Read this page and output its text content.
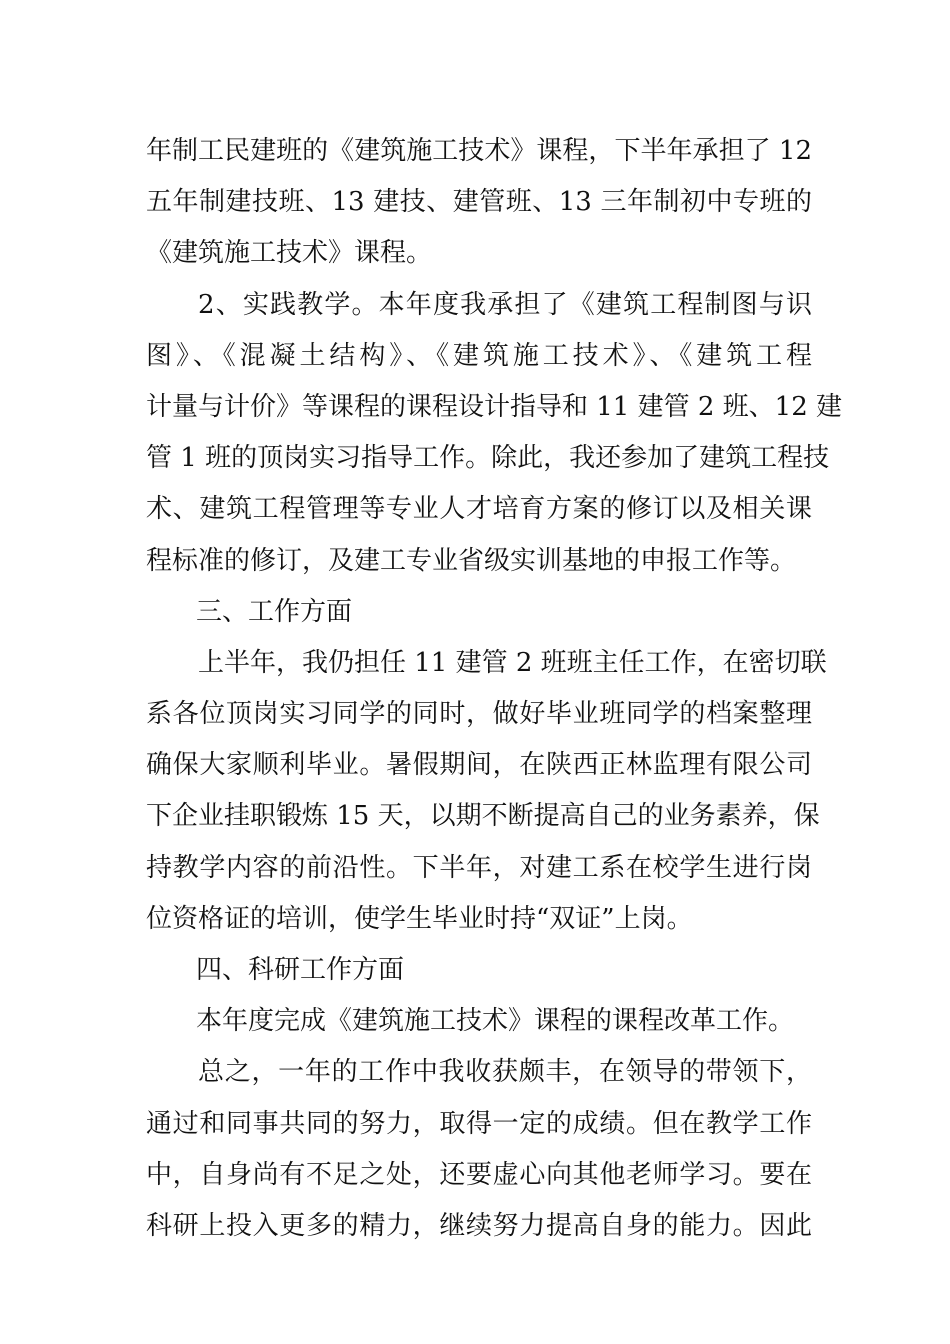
年制工民建班的《建筑施工技术》课程，下半年承担了 12
五年制建技班、13 建技、建管班、13 三年制初中专班的
《建筑施工技术》课程。
2、实践教学。本年度我承担了《建筑工程制图与识
图》、《混凝土结构》、《建筑施工技术》、《建筑工程
计量与计价》等课程的课程设计指导和 11 建管 2 班、12 建
管 1 班的顶岗实习指导工作。除此，我还参加了建筑工程技
术、建筑工程管理等专业人才培育方案的修订以及相关课
程标准的修订，及建工专业省级实训基地的申报工作等。
三、工作方面
上半年，我仍担任 11 建管 2 班班主任工作，在密切联
系各位顶岗实习同学的同时，做好毕业班同学的档案整理
确保大家顺利毕业。暑假期间，在陕西正林监理有限公司
下企业挂职锻炼 15 天，以期不断提高自己的业务素养，保
持教学内容的前沿性。下半年，对建工系在校学生进行岗
位资格证的培训，使学生毕业时持“双证”上岗。
四、科研工作方面
本年度完成《建筑施工技术》课程的课程改革工作。
总之，一年的工作中我收获颇丰，在领导的带领下，
通过和同事共同的努力，取得一定的成绩。但在教学工作
中，自身尚有不足之处，还要虚心向其他老师学习。要在
科研上投入更多的精力，继续努力提高自身的能力。因此
